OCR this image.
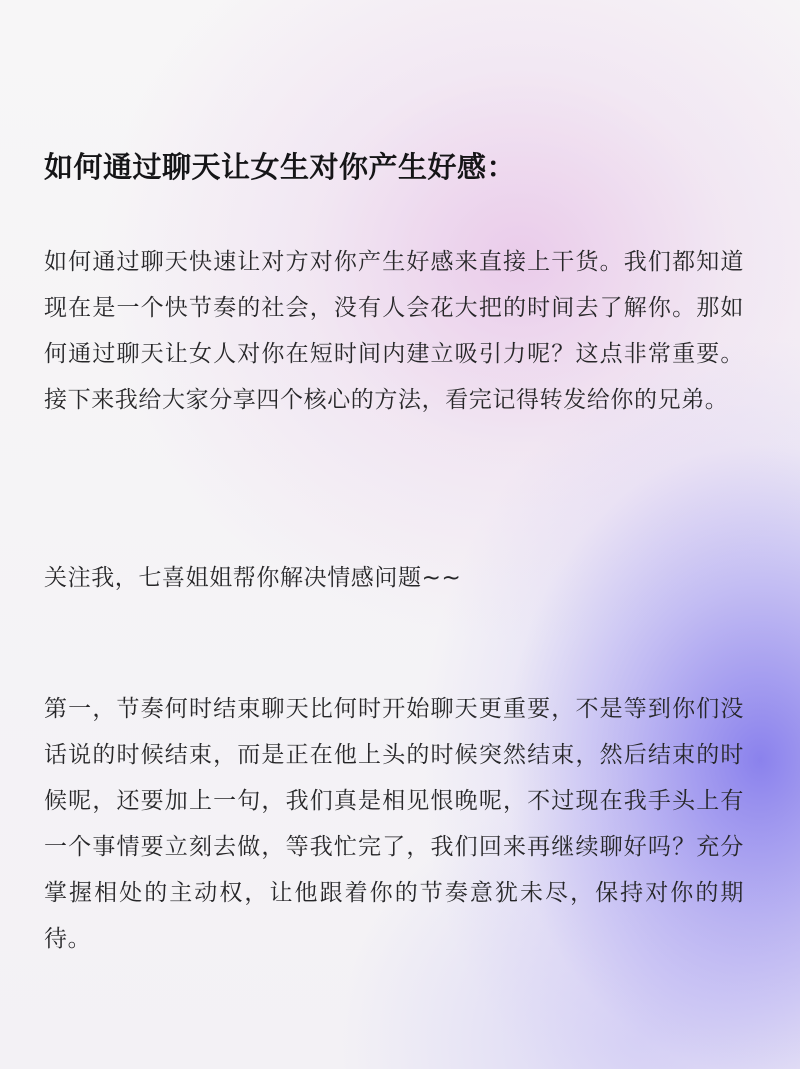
如何通过聊天让女生对你产生好感：

如何通过聊天快速让对方对你产生好感来直接上干货。我们都知道现在是一个快节奏的社会，没有人会花大把的时间去了解你。那如何通过聊天让女人对你在短时间内建立吸引力呢？这点非常重要。接下来我给大家分享四个核心的方法，看完记得转发给你的兄弟。

关注我，七喜姐姐帮你解决情感问题~~

第一，节奏何时结束聊天比何时开始聊天更重要，不是等到你们没话说的时候结束，而是正在他上头的时候突然结束，然后结束的时候呢，还要加上一句，我们真是相见恨晚呢，不过现在我手头上有一个事情要立刻去做，等我忙完了，我们回来再继续聊好吗？充分掌握相处的主动权，让他跟着你的节奏意犹未尽，保持对你的期待。
